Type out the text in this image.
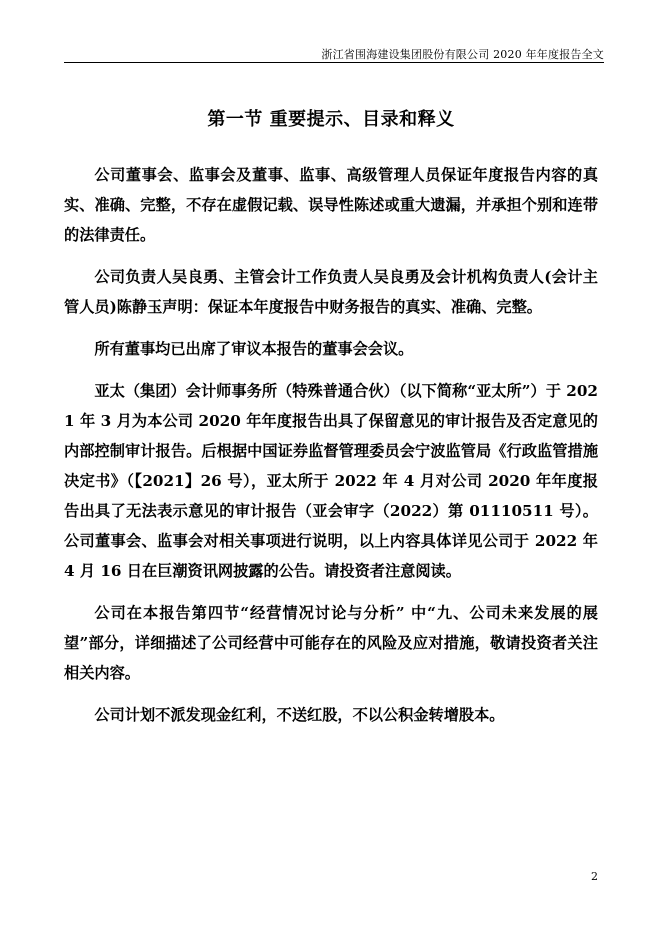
浙江省围海建设集团股份有限公司 2020 年年度报告全文
第一节 重要提示、目录和释义

公司董事会、监事会及董事、监事、高级管理人员保证年度报告内容的真实、准确、完整，不存在虚假记载、误导性陈述或重大遗漏，并承担个别和连带的法律责任。

公司负责人吴良勇、主管会计工作负责人吴良勇及会计机构负责人(会计主管人员)陈静玉声明：保证本年度报告中财务报告的真实、准确、完整。

所有董事均已出席了审议本报告的董事会会议。

亚太（集团）会计师事务所（特殊普通合伙）（以下简称“亚太所”）于 2021 年 3 月为本公司 2020 年年度报告出具了保留意见的审计报告及否定意见的内部控制审计报告。后根据中国证券监督管理委员会宁波监管局《行政监管措施决定书》（【2021】26 号），亚太所于 2022 年 4 月对公司 2020 年年度报告出具了无法表示意见的审计报告（亚会审字（2022）第 01110511 号）。公司董事会、监事会对相关事项进行说明，以上内容具体详见公司于 2022 年 4 月 16 日在巨潮资讯网披露的公告。请投资者注意阅读。

公司在本报告第四节“经营情况讨论与分析” 中“九、公司未来发展的展望”部分，详细描述了公司经营中可能存在的风险及应对措施，敬请投资者关注相关内容。

公司计划不派发现金红利，不送红股，不以公积金转增股本。

2
